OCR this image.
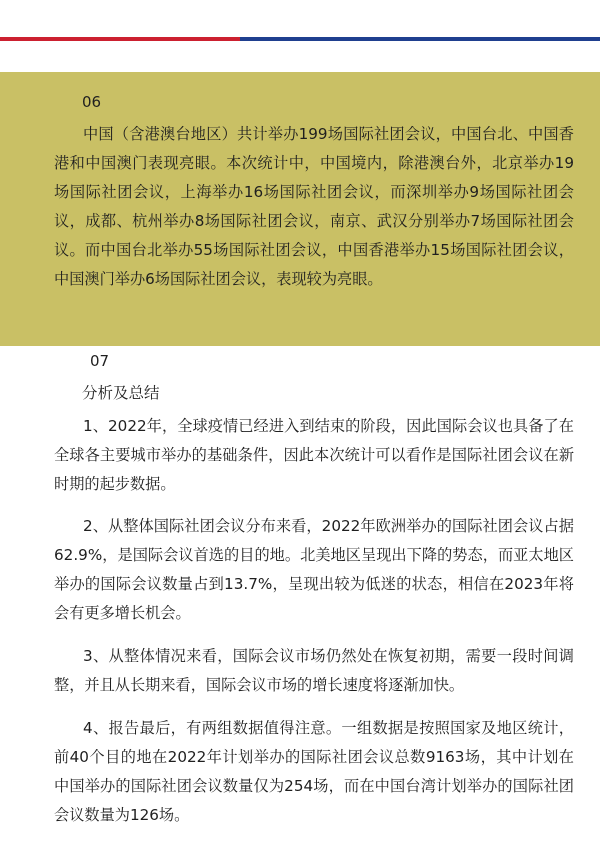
06

中国（含港澳台地区）共计举办199场国际社团会议，中国台北、中国香港和中国澳门表现亮眼。本次统计中，中国境内，除港澳台外，北京举办19场国际社团会议，上海举办16场国际社团会议，而深圳举办9场国际社团会议，成都、杭州举办8场国际社团会议，南京、武汉分别举办7场国际社团会议。而中国台北举办55场国际社团会议，中国香港举办15场国际社团会议，中国澳门举办6场国际社团会议，表现较为亮眼。

07
分析及总结

1、2022年，全球疫情已经进入到结束的阶段，因此国际会议也具备了在全球各主要城市举办的基础条件，因此本次统计可以看作是国际社团会议在新时期的起步数据。

2、从整体国际社团会议分布来看，2022年欧洲举办的国际社团会议占据62.9%，是国际会议首选的目的地。北美地区呈现出下降的势态，而亚太地区举办的国际会议数量占到13.7%，呈现出较为低迷的状态，相信在2023年将会有更多增长机会。

3、从整体情况来看，国际会议市场仍然处在恢复初期，需要一段时间调整，并且从长期来看，国际会议市场的增长速度将逐渐加快。

4、报告最后，有两组数据值得注意。一组数据是按照国家及地区统计，前40个目的地在2022年计划举办的国际社团会议总数9163场，其中计划在中国举办的国际社团会议数量仅为254场，而在中国台湾计划举办的国际社团会议数量为126场。
